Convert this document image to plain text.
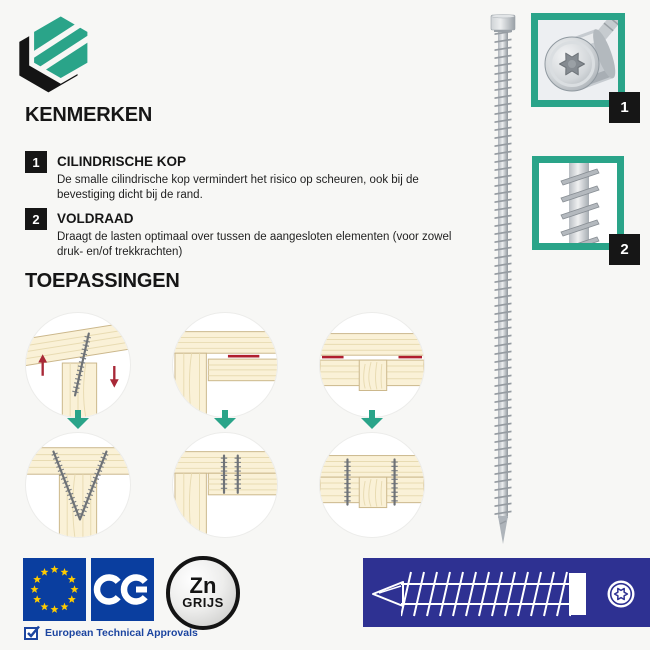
KENMERKEN
1	CILINDRISCHE KOP
De smalle cilindrische kop vermindert het risico op scheuren, ook bij de bevestiging dicht bij de rand.
2	VOLDRAAD
Draagt de lasten optimaal over tussen de aangesloten elementen (voor zowel druk- en/of trekkrachten)
TOEPASSINGEN
1
2
Zn
GRIJS
European Technical Approvals
